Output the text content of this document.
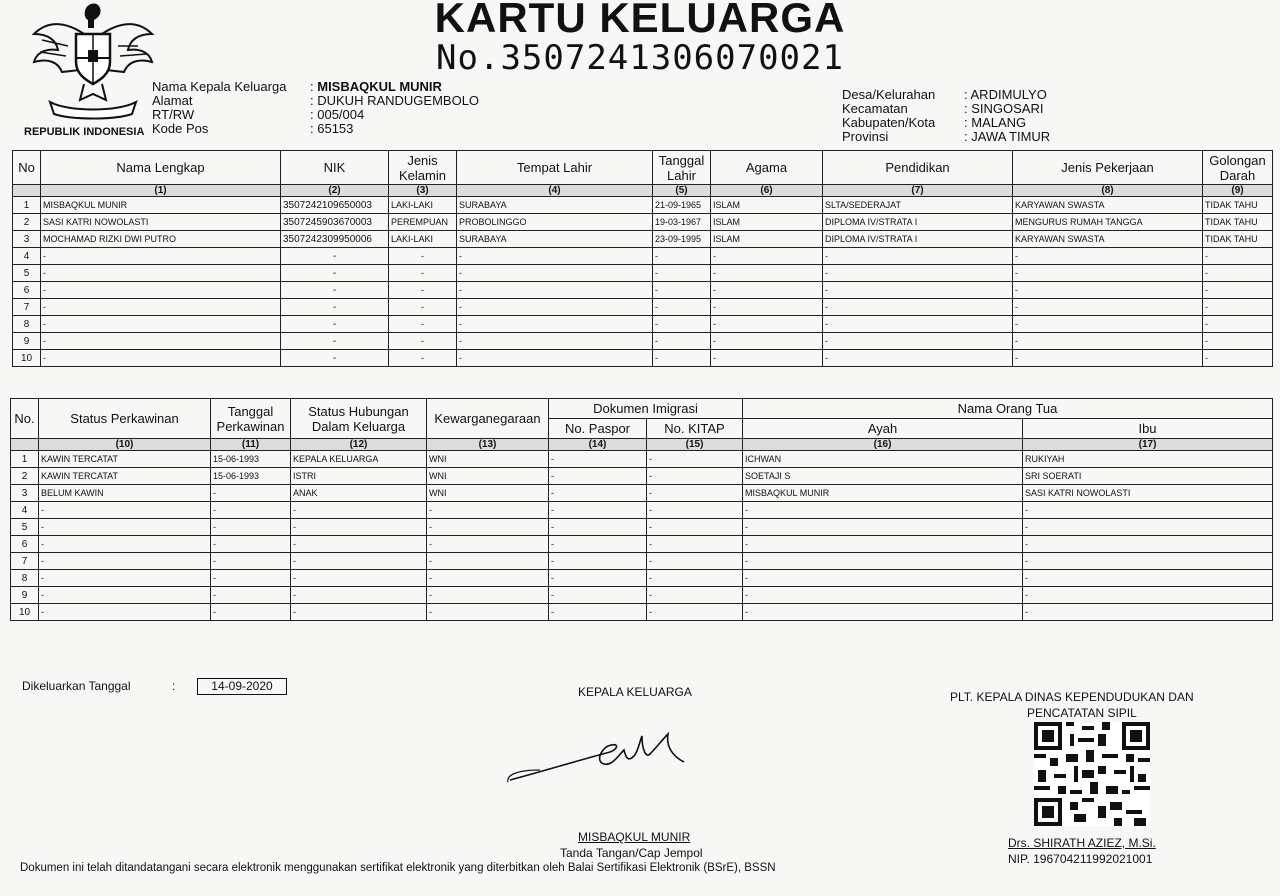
REPUBLIK INDONESIA
KARTU KELUARGA
No.3507241306070021
Nama Kepala Keluarga : MISBAQKUL MUNIR
Alamat	: DUKUH RANDUGEMBOLO
RT/RW	: 005/004
Kode Pos	: 65153
Desa/Kelurahan : ARDIMULYO
Kecamatan	: SINGOSARI
Kabupaten/Kota : MALANG
Provinsi	: JAWA TIMUR
No	Nama Lengkap	NIK	Jenis Kelamin	Tempat Lahir	Tanggal Lahir	Agama	Pendidikan	Jenis Pekerjaan	Golongan Darah
	(1)	(2)	(3)	(4)	(5)	(6)	(7)	(8)	(9)
1	MISBAQKUL MUNIR	3507242109650003	LAKI-LAKI	SURABAYA	21-09-1965	ISLAM	SLTA/SEDERAJAT	KARYAWAN SWASTA	TIDAK TAHU
2	SASI KATRI NOWOLASTI	3507245903670003	PEREMPUAN	PROBOLINGGO	19-03-1967	ISLAM	DIPLOMA IV/STRATA I	MENGURUS RUMAH TANGGA	TIDAK TAHU
3	MOCHAMAD RIZKI DWI PUTRO	3507242309950006	LAKI-LAKI	SURABAYA	23-09-1995	ISLAM	DIPLOMA IV/STRATA I	KARYAWAN SWASTA	TIDAK TAHU
4	-	-	-	-	-	-	-	-	-
5	-	-	-	-	-	-	-	-	-
6	-	-	-	-	-	-	-	-	-
7	-	-	-	-	-	-	-	-	-
8	-	-	-	-	-	-	-	-	-
9	-	-	-	-	-	-	-	-	-
10	-	-	-	-	-	-	-	-	-
No.	Status Perkawinan	Tanggal Perkawinan	Status Hubungan Dalam Keluarga	Kewarganegaraan	Dokumen Imigrasi		Nama Orang Tua	
					No. Paspor	No. KITAP	Ayah	Ibu
	(10)	(11)	(12)	(13)	(14)	(15)	(16)	(17)
1	KAWIN TERCATAT	15-06-1993	KEPALA KELUARGA	WNI	-	-	ICHWAN	RUKIYAH
2	KAWIN TERCATAT	15-06-1993	ISTRI	WNI	-	-	SOETAJI S	SRI SOERATI
3	BELUM KAWIN	-	ANAK	WNI	-	-	MISBAQKUL MUNIR	SASI KATRI NOWOLASTI
4	-	-	-	-	-	-	-	-
5	-	-	-	-	-	-	-	-
6	-	-	-	-	-	-	-	-
7	-	-	-	-	-	-	-	-
8	-	-	-	-	-	-	-	-
9	-	-	-	-	-	-	-	-
10	-	-	-	-	-	-	-	-
Dikeluarkan Tanggal	:	14-09-2020	KEPALA KELUARGA
MISBAQKUL MUNIR
Tanda Tangan/Cap Jempol
PLT. KEPALA DINAS KEPENDUDUKAN DAN
PENCATATAN SIPIL
Drs. SHIRATH AZIEZ, M.Si.
NIP. 196704211992021001
Dokumen ini telah ditandatangani secara elektronik menggunakan sertifikat elektronik yang diterbitkan oleh Balai Sertifikasi Elektronik (BSrE), BSSN
